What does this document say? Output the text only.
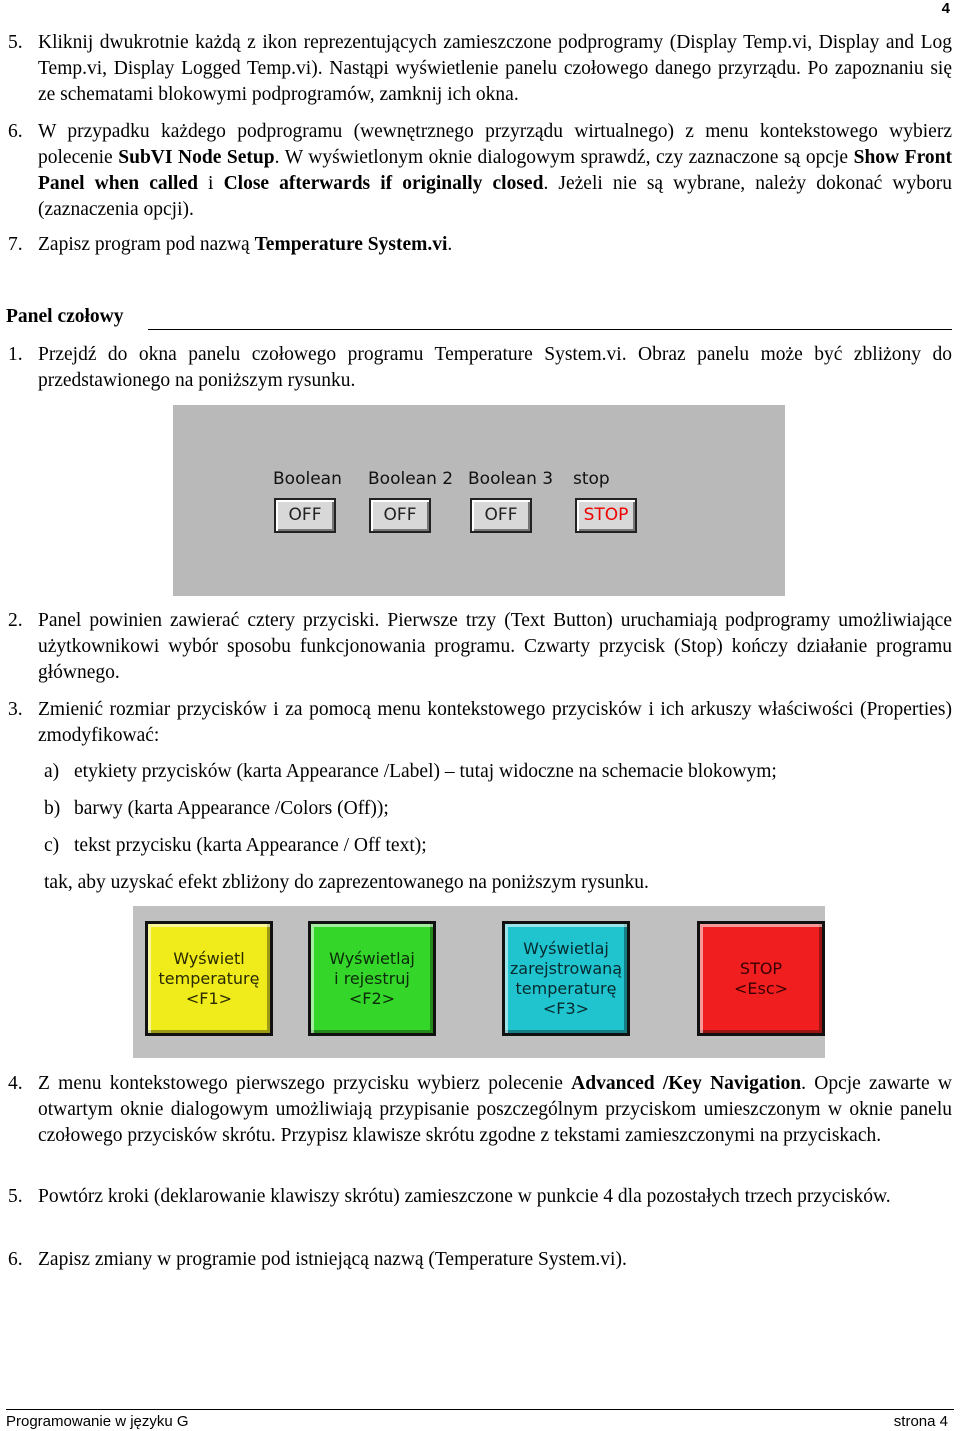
4
5. Kliknij dwukrotnie każdą z ikon reprezentujących zamieszczone podprogramy (Display Temp.vi, Display and Log Temp.vi, Display Logged Temp.vi). Nastąpi wyświetlenie panelu czołowego danego przyrządu. Po zapoznaniu się ze schematami blokowymi podprogramów, zamknij ich okna.
6. W przypadku każdego podprogramu (wewnętrznego przyrządu wirtualnego) z menu kontekstowego wybierz polecenie SubVI Node Setup. W wyświetlonym oknie dialogowym sprawdź, czy zaznaczone są opcje Show Front Panel when called i Close afterwards if originally closed. Jeżeli nie są wybrane, należy dokonać wyboru (zaznaczenia opcji).
7. Zapisz program pod nazwą Temperature System.vi.
Panel czołowy
1. Przejdź do okna panelu czołowego programu Temperature System.vi. Obraz panelu może być zbliżony do przedstawionego na poniższym rysunku.
Boolean
OFF
Boolean 2
OFF
Boolean 3
OFF
stop
STOP
2. Panel powinien zawierać cztery przyciski. Pierwsze trzy (Text Button) uruchamiają podprogramy umożliwiające użytkownikowi wybór sposobu funkcjonowania programu. Czwarty przycisk (Stop) kończy działanie programu głównego.
3. Zmienić rozmiar przycisków i za pomocą menu kontekstowego przycisków i ich arkuszy właściwości (Properties) zmodyfikować:
a) etykiety przycisków (karta Appearance /Label) – tutaj widoczne na schemacie blokowym;
b) barwy (karta Appearance /Colors (Off));
c) tekst przycisku (karta Appearance / Off text);
tak, aby uzyskać efekt zbliżony do zaprezentowanego na poniższym rysunku.
Wyświetl
temperaturę
<F1>
Wyświetlaj
i rejestruj
<F2>
Wyświetlaj
zarejstrowaną
temperaturę
<F3>
STOP
<Esc>
4. Z menu kontekstowego pierwszego przycisku wybierz polecenie Advanced /Key Navigation. Opcje zawarte w otwartym oknie dialogowym umożliwiają przypisanie poszczególnym przyciskom umieszczonym w oknie panelu czołowego przycisków skrótu. Przypisz klawisze skrótu zgodne z tekstami zamieszczonymi na przyciskach.
5. Powtórz kroki (deklarowanie klawiszy skrótu) zamieszczone w punkcie 4 dla pozostałych trzech przycisków.
6. Zapisz zmiany w programie pod istniejącą nazwą (Temperature System.vi).
Programowanie w języku G	strona 4
